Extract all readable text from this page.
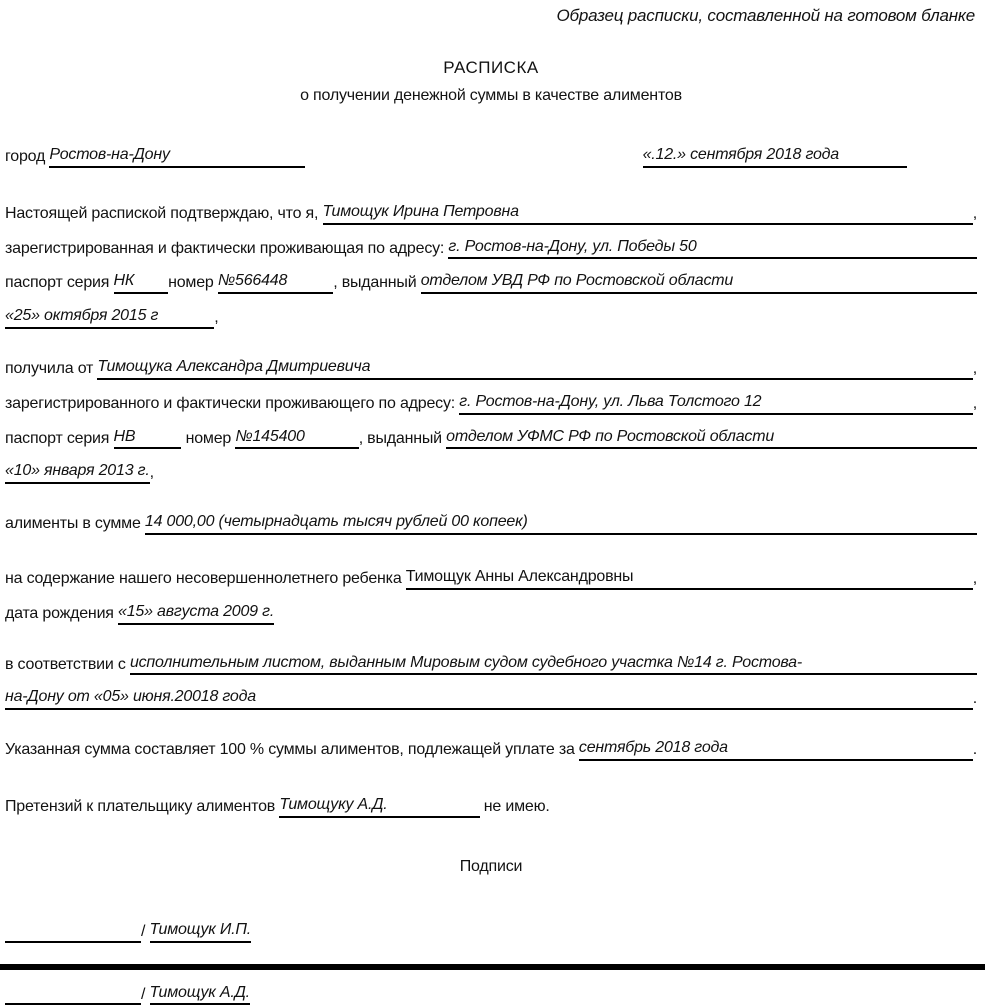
Образец расписки, составленной на готовом бланке
РАСПИСКА
о получении денежной суммы в качестве алиментов
город Ростов-на-Дону	«.12.» сентября 2018 года
Настоящей распиской подтверждаю, что я, Тимощук Ирина Петровна	,
зарегистрированная и фактически проживающая по адресу: г. Ростов-на-Дону, ул. Победы 50
паспорт серия НК номер №566448	, выданный отделом УВД РФ по Ростовской области
«25» октября 2015 г	,
получила от Тимощука Александра Дмитриевича	,
зарегистрированного и фактически проживающего по адресу: г. Ростов-на-Дону, ул. Льва Толстого 12	,
паспорт серия НВ	номер №145400	, выданный отделом УФМС РФ по Ростовской области
«10» января 2013 г. ,
алименты в сумме 14 000,00 (четырнадцать тысяч рублей 00 копеек)
на содержание нашего несовершеннолетнего ребенка Тимощук Анны Александровны	,
дата рождения «15» августа 2009 г.
в соответствии с исполнительным листом, выданным Мировым судом судебного участка №14 г. Ростова-
на-Дону от «05» июня.20018 года	.
Указанная сумма составляет 100 % суммы алиментов, подлежащей уплате за сентябрь 2018 года	.
Претензий к плательщику алиментов Тимощуку А.Д.	не имею.
Подписи
/ Тимощук И.П.
/ Тимощук А.Д.
